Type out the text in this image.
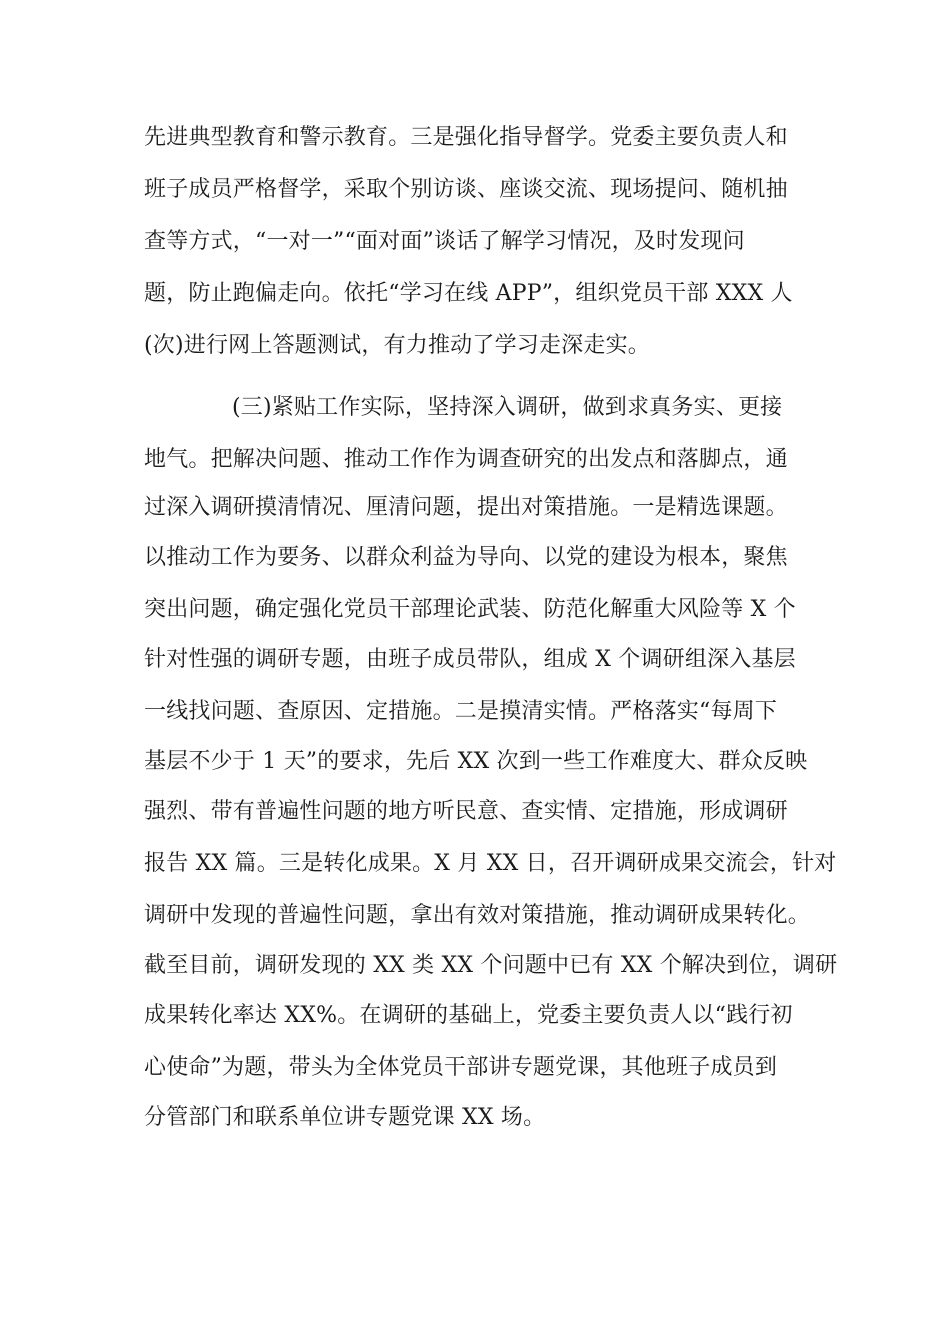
先进典型教育和警示教育。三是强化指导督学。党委主要负责人和

班子成员严格督学，采取个别访谈、座谈交流、现场提问、随机抽

查等方式，“一对一”“面对面”谈话了解学习情况，及时发现问

题，防止跑偏走向。依托“学习在线 APP”，组织党员干部 XXX 人

(次)进行网上答题测试，有力推动了学习走深走实。

(三)紧贴工作实际，坚持深入调研，做到求真务实、更接

地气。把解决问题、推动工作作为调查研究的出发点和落脚点，通

过深入调研摸清情况、厘清问题，提出对策措施。一是精选课题。

以推动工作为要务、以群众利益为导向、以党的建设为根本，聚焦

突出问题，确定强化党员干部理论武装、防范化解重大风险等 X 个

针对性强的调研专题，由班子成员带队，组成 X 个调研组深入基层

一线找问题、查原因、定措施。二是摸清实情。严格落实“每周下

基层不少于 1 天”的要求，先后 XX 次到一些工作难度大、群众反映

强烈、带有普遍性问题的地方听民意、查实情、定措施，形成调研

报告 XX 篇。三是转化成果。X 月 XX 日，召开调研成果交流会，针对

调研中发现的普遍性问题，拿出有效对策措施，推动调研成果转化。

截至目前，调研发现的 XX 类 XX 个问题中已有 XX 个解决到位，调研

成果转化率达 XX%。在调研的基础上，党委主要负责人以“践行初

心使命”为题，带头为全体党员干部讲专题党课，其他班子成员到

分管部门和联系单位讲专题党课 XX 场。
